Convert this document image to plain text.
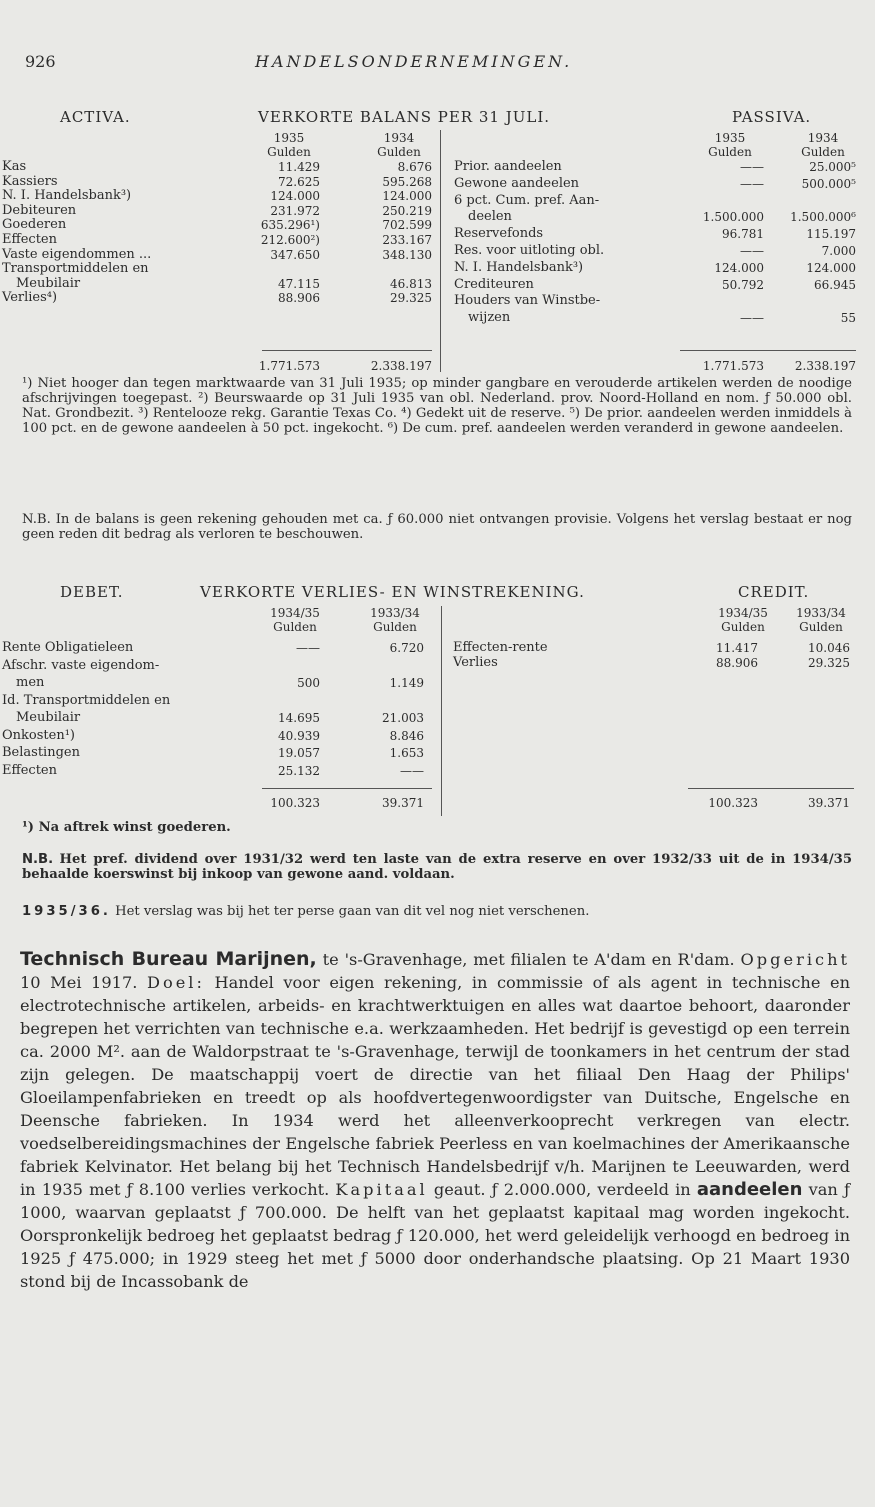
926	HANDELSONDERNEMINGEN.
ACTIVA.	VERKORTE BALANS PER 31 JULI.	PASSIVA.
1935
Gulden
1934
Gulden
1935
Gulden
1934
Gulden
Kas	11.429	8.676
Kassiers	72.625	595.268
N. I. Handelsbank³)	124.000	124.000
Debiteuren	231.972	250.219
Goederen	635.296¹)	702.599
Effecten	212.600²)	233.167
Vaste eigendommen ...	347.650	348.130
Transportmiddelen en
Meubilair	47.115	46.813
Verlies⁴)	88.906	29.325
Prior. aandeelen	——	25.000⁵
Gewone aandeelen	——	500.000⁵
6 pct. Cum. pref. Aan-
deelen	1.500.000	1.500.000⁶
Reservefonds	96.781	115.197
Res. voor uitloting obl.	——	7.000
N. I. Handelsbank³)	124.000	124.000
Crediteuren	50.792	66.945
Houders van Winstbe-
wijzen	——	55
1.771.573	2.338.197	1.771.573	2.338.197
¹) Niet hooger dan tegen marktwaarde van 31 Juli 1935; op minder gangbare en verouderde artikelen werden de noodige afschrijvingen toegepast. ²) Beurswaarde op 31 Juli 1935 van obl. Nederland. prov. Noord-Holland en nom. ƒ 50.000 obl. Nat. Grondbezit. ³) Rentelooze rekg. Garantie Texas Co. ⁴) Gedekt uit de reserve. ⁵) De prior. aandeelen werden inmiddels à 100 pct. en de gewone aandeelen à 50 pct. ingekocht. ⁶) De cum. pref. aandeelen werden veranderd in gewone aandeelen.
N.B. In de balans is geen rekening gehouden met ca. ƒ 60.000 niet ontvangen provisie. Volgens het verslag bestaat er nog geen reden dit bedrag als verloren te beschouwen.
DEBET.	VERKORTE VERLIES- EN WINSTREKENING.	CREDIT.
1934/35
Gulden
1933/34
Gulden
1934/35
Gulden
1933/34
Gulden
Rente Obligatieleen	——	6.720
Afschr. vaste eigendom-
men	500	1.149
Id. Transportmiddelen en
Meubilair	14.695	21.003
Onkosten¹)	40.939	8.846
Belastingen	19.057	1.653
Effecten	25.132	——
Effecten-rente	11.417	10.046
Verlies	88.906	29.325
100.323	39.371	100.323	39.371
¹) Na aftrek winst goederen.
N.B. Het pref. dividend over 1931/32 werd ten laste van de extra reserve en over 1932/33 uit de in 1934/35 behaalde koerswinst bij inkoop van gewone aand. voldaan.
1935/36. Het verslag was bij het ter perse gaan van dit vel nog niet verschenen.
Technisch Bureau Marijnen, te 's-Gravenhage, met filialen te A'dam en R'dam. Opgericht 10 Mei 1917. Doel: Handel voor eigen rekening, in commissie of als agent in technische en electrotechnische artikelen, arbeids- en krachtwerktuigen en alles wat daartoe behoort, daaronder begrepen het verrichten van technische e.a. werkzaamheden. Het bedrijf is gevestigd op een terrein ca. 2000 M². aan de Waldorpstraat te 's-Gravenhage, terwijl de toonkamers in het centrum der stad zijn gelegen. De maatschappij voert de directie van het filiaal Den Haag der Philips' Gloeilampenfabrieken en treedt op als hoofdvertegenwoordigster van Duitsche, Engelsche en Deensche fabrieken. In 1934 werd het alleenverkooprecht verkregen van electr. voedselbereidingsmachines der Engelsche fabriek Peerless en van koelmachines der Amerikaansche fabriek Kelvinator. Het belang bij het Technisch Handelsbedrijf v/h. Marijnen te Leeuwarden, werd in 1935 met ƒ 8.100 verlies verkocht. Kapitaal geaut. ƒ 2.000.000, verdeeld in aandeelen van ƒ 1000, waarvan geplaatst ƒ 700.000. De helft van het geplaatst kapitaal mag worden ingekocht. Oorspronkelijk bedroeg het geplaatst bedrag ƒ 120.000, het werd geleidelijk verhoogd en bedroeg in 1925 ƒ 475.000; in 1929 steeg het met ƒ 5000 door onderhandsche plaatsing. Op 21 Maart 1930 stond bij de Incassobank de
